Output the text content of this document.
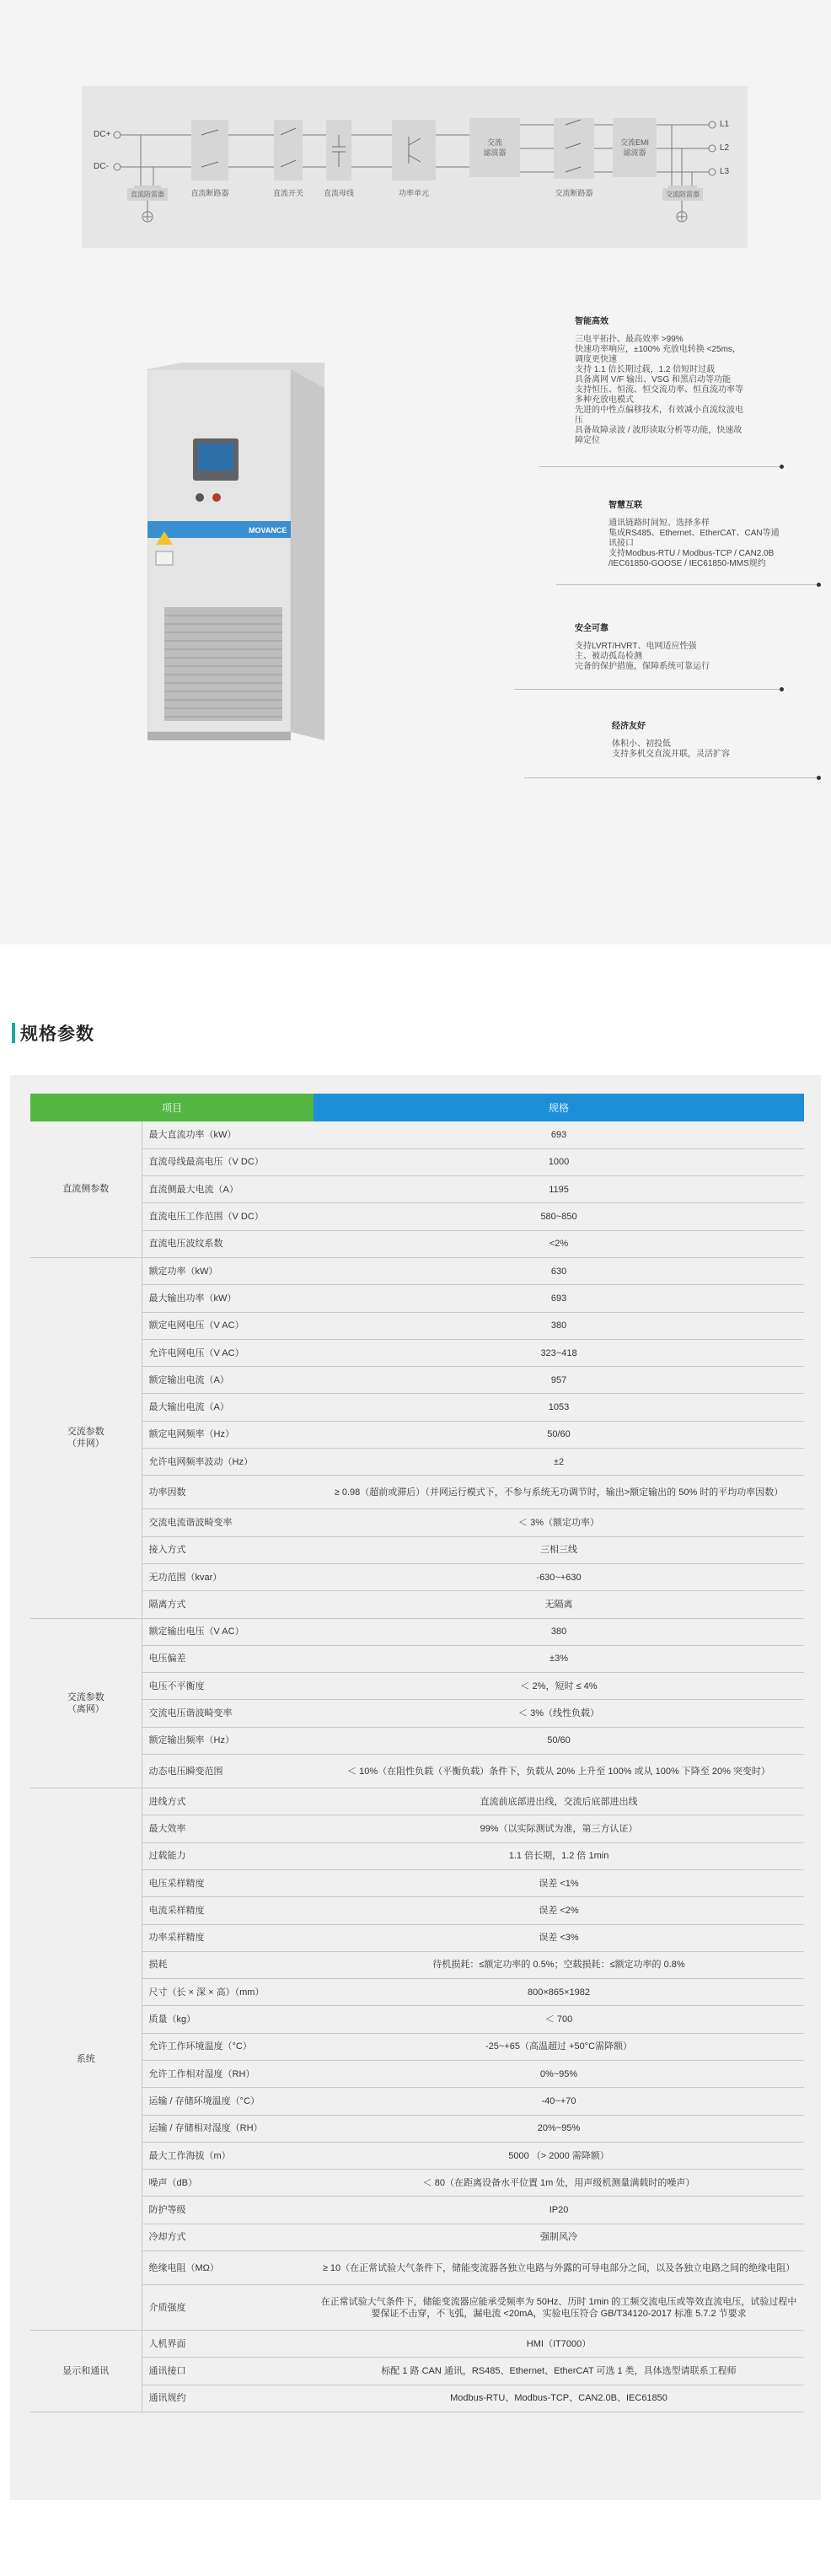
DC+
DC-
L1
L2
L3
直流防雷器	直流断路器	直流开关	直流母线	功率单元
交流
滤波器
交流断路器
交流EMI
滤波器
交流防雷器
MOVANCE
智能高效
三电平拓扑、最高效率 >99%
快速功率响应，±100% 充放电转换 <25ms，
调度更快速
支持 1.1 倍长期过载，1.2 倍短时过载
具备离网 V/F 输出、VSG 和黑启动等功能
支持恒压、恒流、恒交流功率、恒直流功率等
多种充放电模式
先进的中性点偏移技术，有效减小直流纹波电
压
具备故障录波 / 波形读取分析等功能，快速故
障定位
智慧互联
通讯链路时间短、选择多样
集成RS485、Ethernet、EtherCAT、CAN等通
讯接口
支持Modbus-RTU / Modbus-TCP / CAN2.0B
/IEC61850-GOOSE / IEC61850-MMS规约
安全可靠
支持LVRT/HVRT、电网适应性强
主、被动孤岛检测
完备的保护措施，保障系统可靠运行
经济友好
体积小、初投低
支持多机交直流并联，灵活扩容
规格参数
项目		规格
直流侧参数	最大直流功率（kW）	693
	直流母线最高电压（V DC）	1000
	直流侧最大电流（A）	1195
	直流电压工作范围（V DC）	580~850
	直流电压波纹系数	<2%
交流参数
（并网）	额定功率（kW）	630
	最大输出功率（kW）	693
	额定电网电压（V AC）	380
	允许电网电压（V AC）	323~418
	额定输出电流（A）	957
	最大输出电流（A）	1053
	额定电网频率（Hz）	50/60
	允许电网频率波动（Hz）	±2
	功率因数	≥ 0.98（超前或滞后）（并网运行模式下，不参与系统无功调节时，输出>额定输出的 50% 时的平均功率因数）
	交流电流谐波畸变率	＜ 3%（额定功率）
	接入方式	三相三线
	无功范围（kvar）	-630~+630
	隔离方式	无隔离
交流参数
（离网）	额定输出电压（V AC）	380
	电压偏差	±3%
	电压不平衡度	＜ 2%，短时 ≤ 4%
	交流电压谐波畸变率	＜ 3%（线性负载）
	额定输出频率（Hz）	50/60
	动态电压瞬变范围	＜ 10%（在阻性负载（平衡负载）条件下，负载从 20% 上升至 100% 或从 100% 下降至 20% 突变时）
系统	进线方式	直流前底部进出线，交流后底部进出线
	最大效率	99%（以实际测试为准，第三方认证）
	过载能力	1.1 倍长期，1.2 倍 1min
	电压采样精度	误差 <1%
	电流采样精度	误差 <2%
	功率采样精度	误差 <3%
	损耗	待机损耗：≤额定功率的 0.5%；空载损耗：≤额定功率的 0.8%
	尺寸（长 × 深 × 高）（mm）	800×865×1982
	质量（kg）	＜ 700
	允许工作环境温度（°C）	-25~+65（高温超过 +50°C需降额）
	允许工作相对湿度（RH）	0%~95%
	运输 / 存储环境温度（°C）	-40~+70
	运输 / 存储相对湿度（RH）	20%~95%
	最大工作海拔（m）	5000 （> 2000 需降额）
	噪声（dB）	＜ 80（在距离设备水平位置 1m 处，用声级机测量满载时的噪声）
	防护等级	IP20
	冷却方式	强制风冷
	绝缘电阻（MΩ）	≥ 10（在正常试验大气条件下，储能变流器各独立电路与外露的可导电部分之间，以及各独立电路之间的绝缘电阻）
	介质强度	在正常试验大气条件下，储能变流器应能承受频率为 50Hz、历时 1min 的工频交流电压或等效直流电压，试验过程中要保证不击穿，不飞弧，漏电流 <20mA，实验电压符合 GB/T34120-2017 标准 5.7.2 节要求
显示和通讯	人机界面	HMI（IT7000）
	通讯接口	标配 1 路 CAN 通讯，RS485、Ethernet、EtherCAT 可选 1 类，具体选型请联系工程师
	通讯规约	Modbus-RTU、Modbus-TCP、CAN2.0B、IEC61850
